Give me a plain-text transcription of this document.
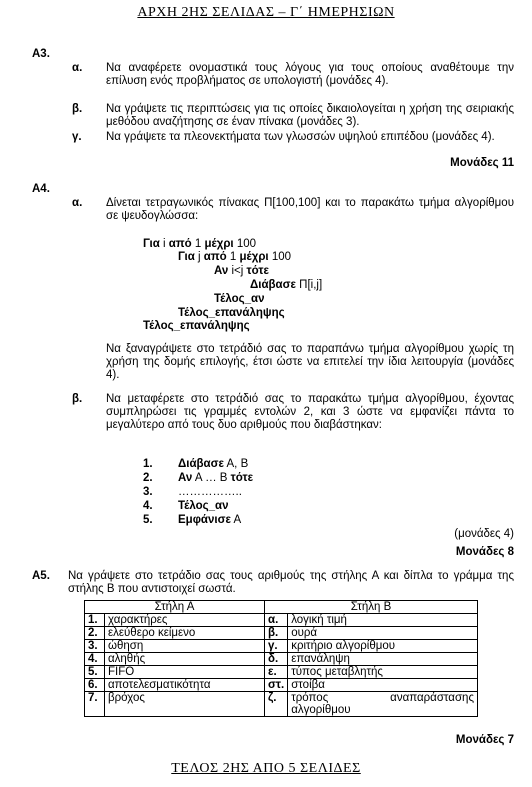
ΑΡΧΗ 2ΗΣ ΣΕΛΙΔΑΣ – Γ΄ ΗΜΕΡΗΣΙΩΝ
Α3.
α. Να αναφέρετε ονομαστικά τους λόγους για τους οποίους αναθέτουμε την επίλυση ενός προβλήματος σε υπολογιστή (μονάδες 4).
β. Να γράψετε τις περιπτώσεις για τις οποίες δικαιολογείται η χρήση της σειριακής μεθόδου αναζήτησης σε έναν πίνακα (μονάδες 3).
γ. Να γράψετε τα πλεονεκτήματα των γλωσσών υψηλού επιπέδου (μονάδες 4).
Μονάδες 11
Α4.
α. Δίνεται τετραγωνικός πίνακας Π[100,100] και το παρακάτω τμήμα αλγορίθμου σε ψευδογλώσσα:
Για i από 1 μέχρι 100
Για j από 1 μέχρι 100
Αν i<j τότε
Διάβασε Π[i,j]
Τέλος_αν
Τέλος_επανάληψης
Τέλος_επανάληψης
Να ξαναγράψετε στο τετράδιό σας το παραπάνω τμήμα αλγορίθμου χωρίς τη χρήση της δομής επιλογής, έτσι ώστε να επιτελεί την ίδια λειτουργία (μονάδες 4).
β. Να μεταφέρετε στο τετράδιό σας το παρακάτω τμήμα αλγορίθμου, έχοντας συμπληρώσει τις γραμμές εντολών 2, και 3 ώστε να εμφανίζει πάντα το μεγαλύτερο από τους δυο αριθμούς που διαβάστηκαν:
1. Διάβασε Α, Β
2. Αν Α … Β τότε
3. ……………..
4. Τέλος_αν
5. Εμφάνισε Α
(μονάδες 4)
Μονάδες 8
Α5. Να γράψετε στο τετράδιο σας τους αριθμούς της στήλης Α και δίπλα το γράμμα της στήλης Β που αντιστοιχεί σωστά.
Στήλη Α		Στήλη Β	
1.	χαρακτήρες	α.	λογική τιμή
2.	ελεύθερο κείμενο	β.	ουρά
3.	ώθηση	γ.	κριτήριο αλγορίθμου
4.	αληθής	δ.	επανάληψη
5.	FIFO	ε.	τύπος μεταβλητής
6.	αποτελεσματικότητα	στ.	στοίβα
7.	βρόχος	ζ.	τρόπος αναπαράστασης αλγορίθμου
Μονάδες 7
ΤΕΛΟΣ 2ΗΣ ΑΠΟ 5 ΣΕΛΙΔΕΣ
